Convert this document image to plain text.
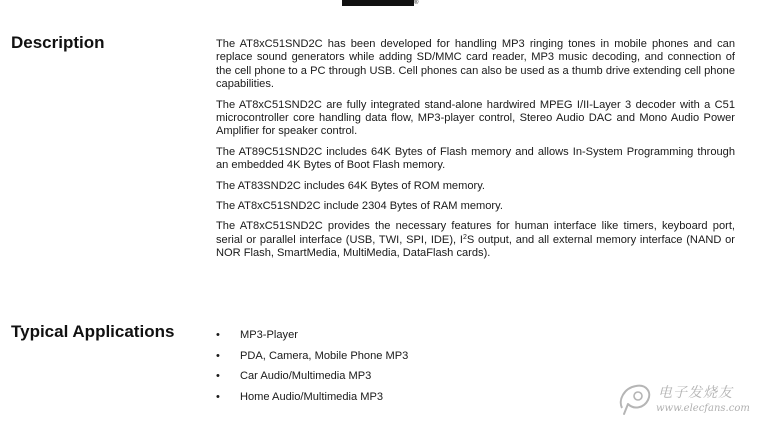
®
Description	The AT8xC51SND2C has been developed for handling MP3 ringing tones in mobile phones and can replace sound generators while adding SD/MMC card reader, MP3 music decoding, and connection of the cell phone to a PC through USB. Cell phones can also be used as a thumb drive extending cell phone capabilities.

The AT8xC51SND2C are fully integrated stand-alone hardwired MPEG I/II-Layer 3 decoder with a C51 microcontroller core handling data flow, MP3-player control, Stereo Audio DAC and Mono Audio Power Amplifier for speaker control.

The AT89C51SND2C includes 64K Bytes of Flash memory and allows In-System Programming through an embedded 4K Bytes of Boot Flash memory.

The AT83SND2C includes 64K Bytes of ROM memory.

The AT8xC51SND2C include 2304 Bytes of RAM memory.

The AT8xC51SND2C provides the necessary features for human interface like timers, keyboard port, serial or parallel interface (USB, TWI, SPI, IDE), $I^2S$ output, and all external memory interface (NAND or NOR Flash, SmartMedia, MultiMedia, DataFlash cards).

Typical Applications	• MP3-Player
• PDA, Camera, Mobile Phone MP3
• Car Audio/Multimedia MP3
• Home Audio/Multimedia MP3	电子发烧友
www.elecfans.com
